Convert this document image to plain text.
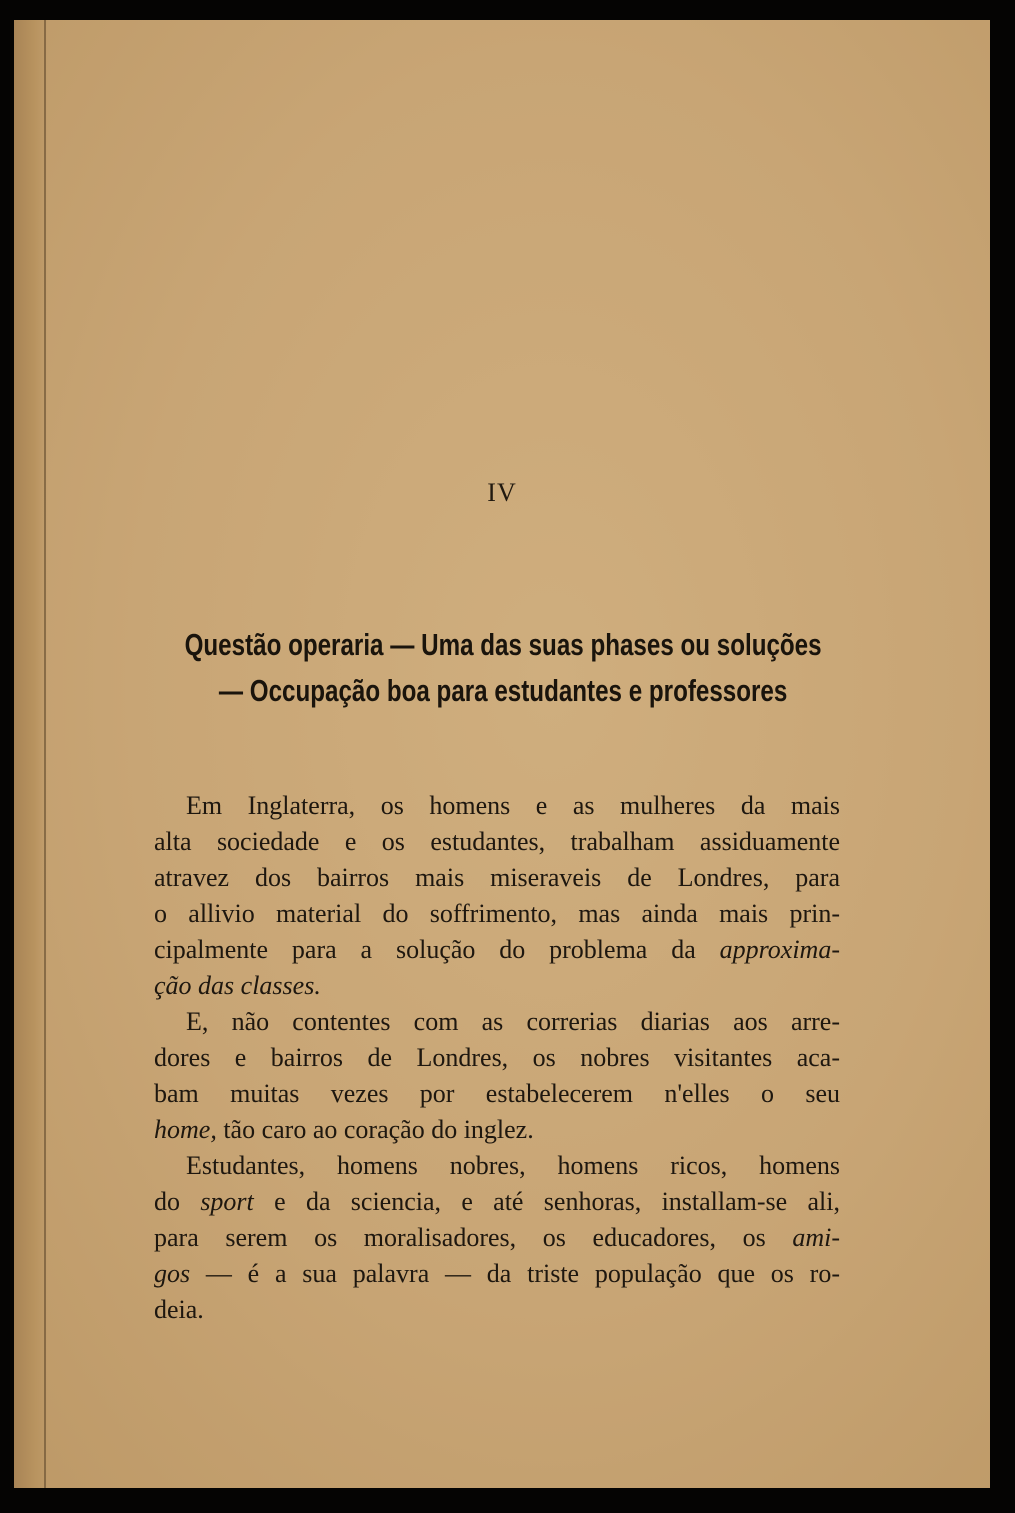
IV
Questão operaria — Uma das suas phases ou soluções
— Occupação boa para estudantes e professores
Em Inglaterra, os homens e as mulheres da mais
alta sociedade e os estudantes, trabalham assiduamente
atravez dos bairros mais miseraveis de Londres, para
o allivio material do soffrimento, mas ainda mais prin-
cipalmente para a solução do problema da approxima-
ção das classes.
E, não contentes com as correrias diarias aos arre-
dores e bairros de Londres, os nobres visitantes aca-
bam muitas vezes por estabelecerem n'elles o seu
home, tão caro ao coração do inglez.
Estudantes, homens nobres, homens ricos, homens
do sport e da sciencia, e até senhoras, installam-se ali,
para serem os moralisadores, os educadores, os ami-
gos — é a sua palavra — da triste população que os ro-
deia.
